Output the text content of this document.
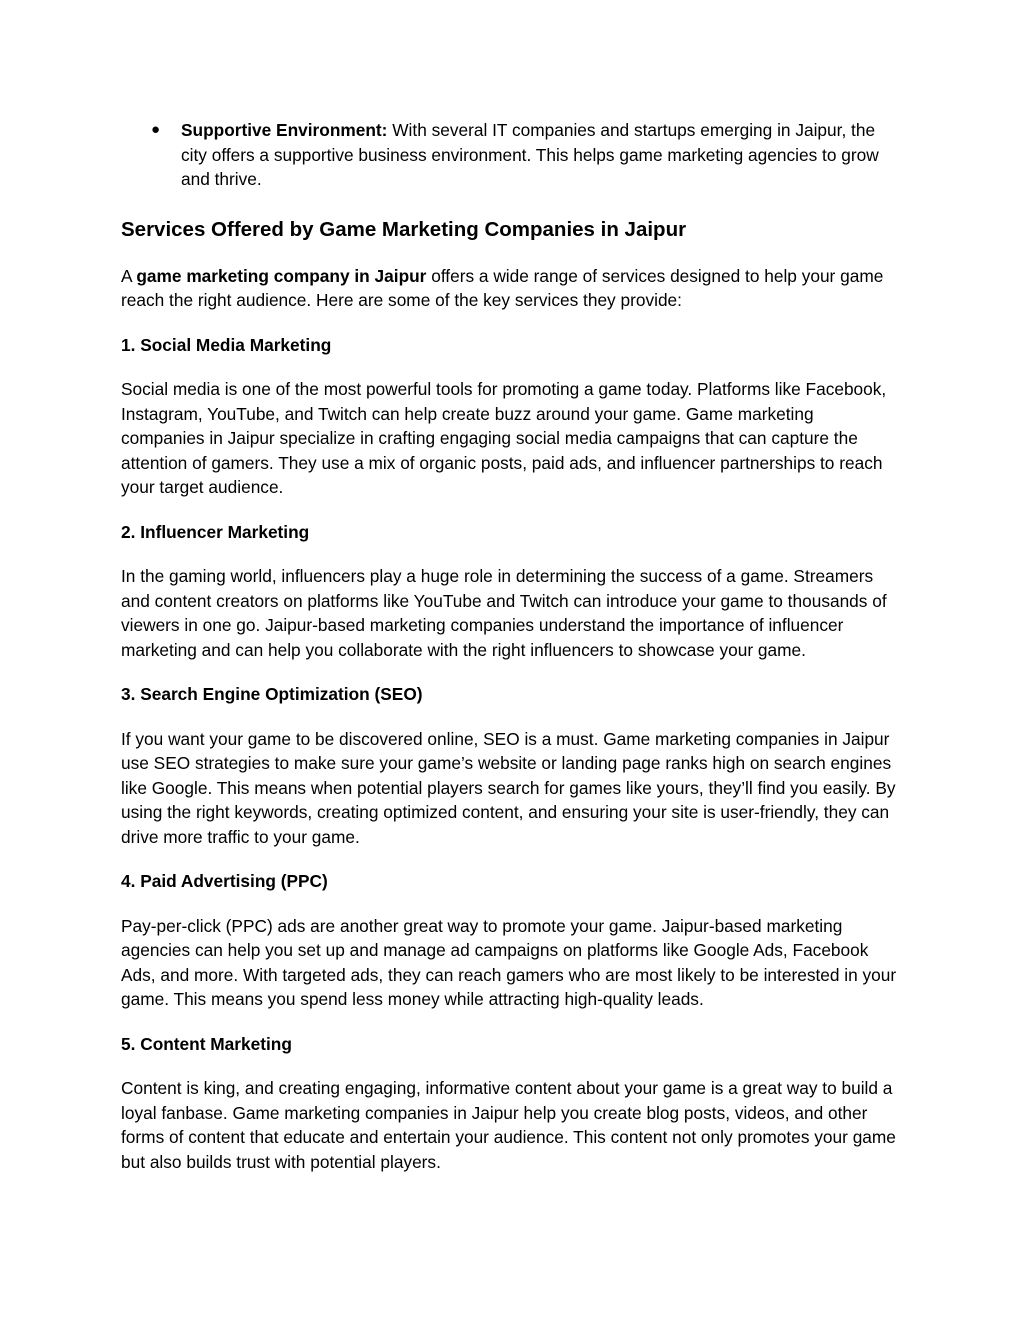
● Supportive Environment: With several IT companies and startups emerging in Jaipur, the city offers a supportive business environment. This helps game marketing agencies to grow and thrive.
Services Offered by Game Marketing Companies in Jaipur

A game marketing company in Jaipur offers a wide range of services designed to help your game reach the right audience. Here are some of the key services they provide:

1. Social Media Marketing

Social media is one of the most powerful tools for promoting a game today. Platforms like Facebook, Instagram, YouTube, and Twitch can help create buzz around your game. Game marketing companies in Jaipur specialize in crafting engaging social media campaigns that can capture the attention of gamers. They use a mix of organic posts, paid ads, and influencer partnerships to reach your target audience.

2. Influencer Marketing

In the gaming world, influencers play a huge role in determining the success of a game. Streamers and content creators on platforms like YouTube and Twitch can introduce your game to thousands of viewers in one go. Jaipur-based marketing companies understand the importance of influencer marketing and can help you collaborate with the right influencers to showcase your game.

3. Search Engine Optimization (SEO)

If you want your game to be discovered online, SEO is a must. Game marketing companies in Jaipur use SEO strategies to make sure your game’s website or landing page ranks high on search engines like Google. This means when potential players search for games like yours, they’ll find you easily. By using the right keywords, creating optimized content, and ensuring your site is user-friendly, they can drive more traffic to your game.

4. Paid Advertising (PPC)

Pay-per-click (PPC) ads are another great way to promote your game. Jaipur-based marketing agencies can help you set up and manage ad campaigns on platforms like Google Ads, Facebook Ads, and more. With targeted ads, they can reach gamers who are most likely to be interested in your game. This means you spend less money while attracting high-quality leads.

5. Content Marketing

Content is king, and creating engaging, informative content about your game is a great way to build a loyal fanbase. Game marketing companies in Jaipur help you create blog posts, videos, and other forms of content that educate and entertain your audience. This content not only promotes your game but also builds trust with potential players.
